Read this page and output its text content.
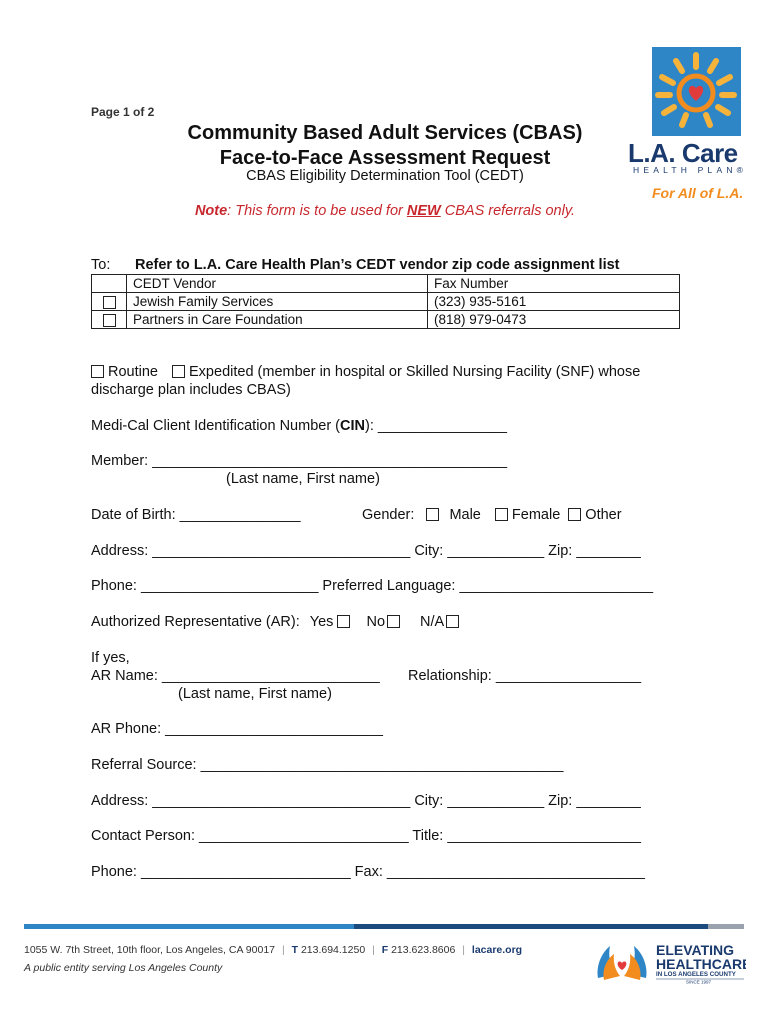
Page 1 of 2
Community Based Adult Services (CBAS)
Face-to-Face Assessment Request
CBAS Eligibility Determination Tool (CEDT)
Note: This form is to be used for NEW CBAS referrals only.
L.A. Care
HEALTH PLAN®
For All of L.A.
To: Refer to L.A. Care Health Plan’s CEDT vendor zip code assignment list
	CEDT Vendor	Fax Number
	Jewish Family Services	(323) 935-5161
	Partners in Care Foundation	(818) 979-0473
Routine Expedited (member in hospital or Skilled Nursing Facility (SNF) whose
discharge plan includes CBAS)
Medi-Cal Client Identification Number (CIN): ________________
Member: ____________________________________________
(Last name, First name)
Date of Birth: _______________	Gender: Male Female Other
Address: ________________________________ City: ____________ Zip: ________
Phone: ______________________ Preferred Language: ________________________
Authorized Representative (AR): Yes No N/A
If yes,
AR Name: ___________________________ Relationship: __________________
(Last name, First name)
AR Phone: ___________________________
Referral Source: _____________________________________________
Address: ________________________________ City: ____________ Zip: ________
Contact Person: __________________________ Title: ________________________
Phone: __________________________ Fax: ________________________________
1055 W. 7th Street, 10th floor, Los Angeles, CA 90017 | T 213.694.1250 | F 213.623.8606 | lacare.org
A public entity serving Los Angeles County
ELEVATING
HEALTHCARE
IN LOS ANGELES COUNTY
SINCE 1997
